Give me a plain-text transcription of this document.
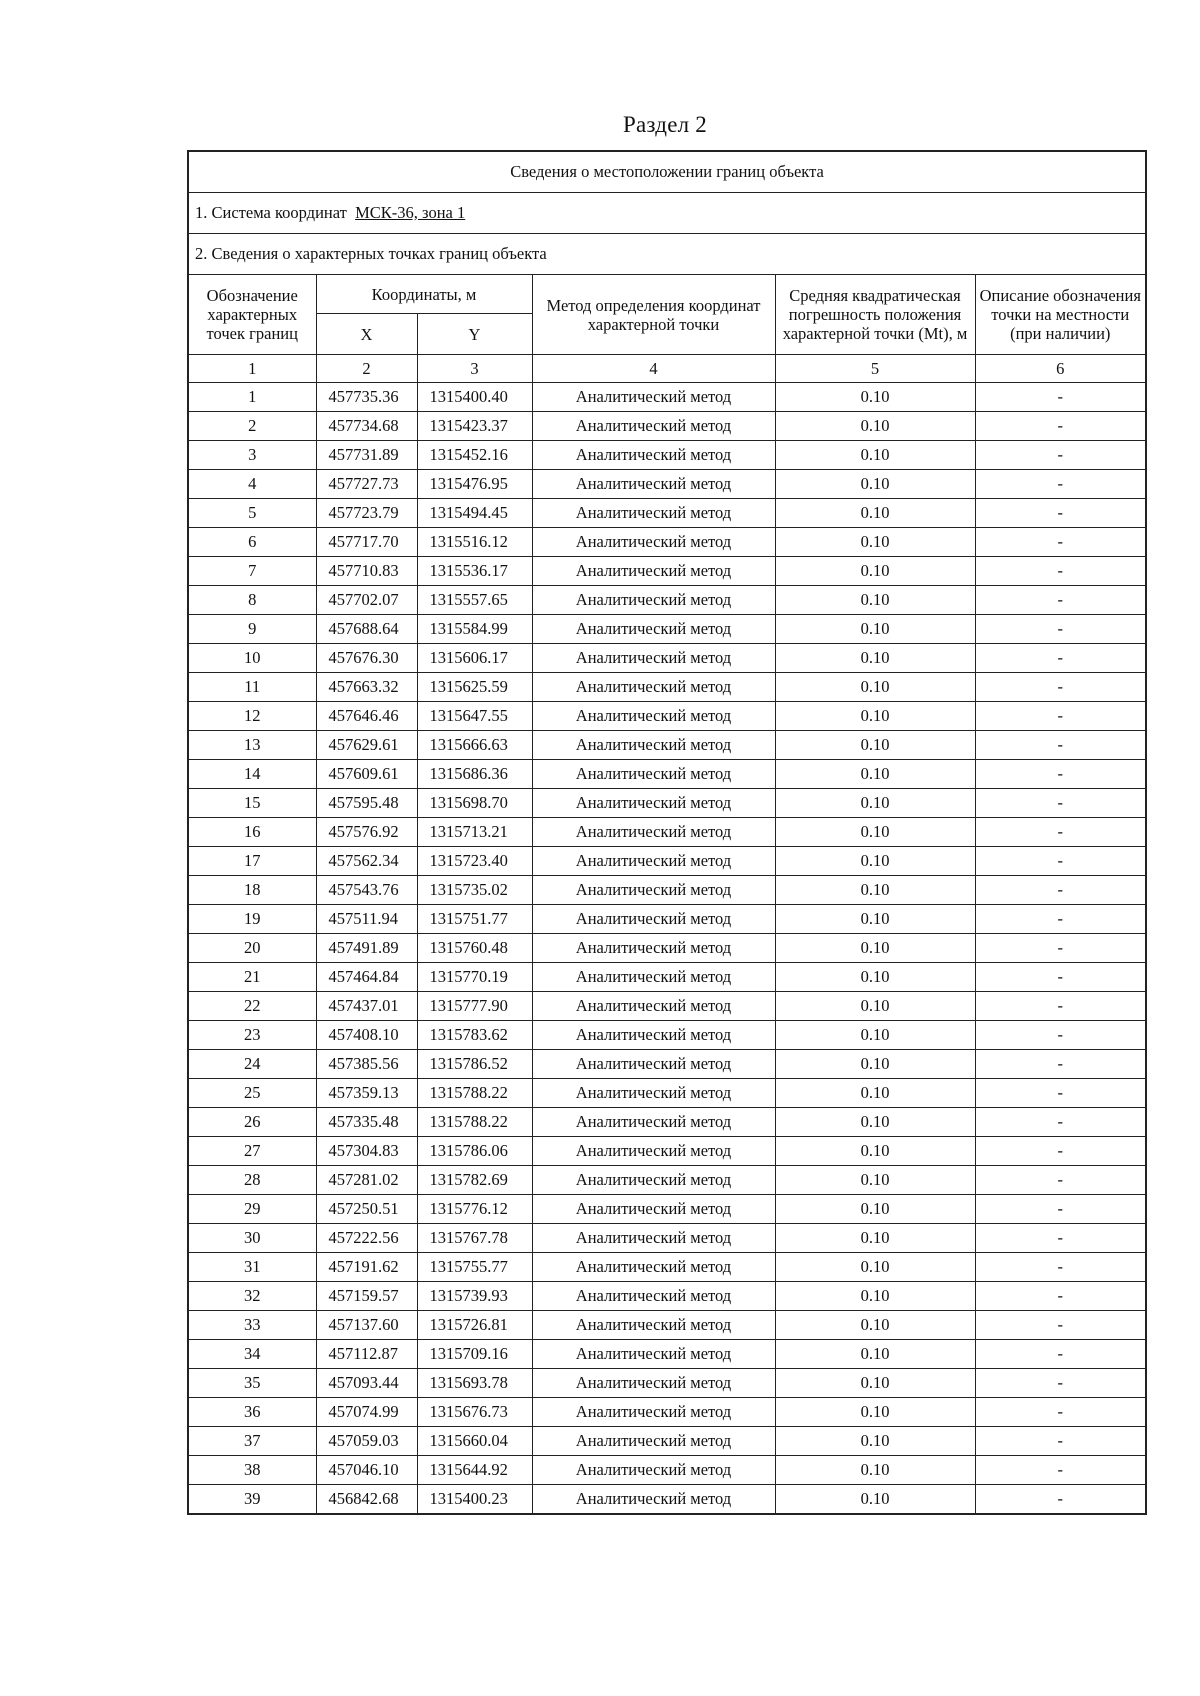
Раздел 2
Сведения о местоположении границ объекта					
1. Система координат МСК-36, зона 1					
2. Сведения о характерных точках границ объекта					
Обозначение характерных точек границ	Координаты, м		Метод определения координат характерной точки	Средняя квадратическая погрешность положения характерной точки (Mt), м	Описание обозначения точки на местности (при наличии)
	X	Y			
1	2	3	4	5	6
1	457735.36	1315400.40	Аналитический метод	0.10	-
2	457734.68	1315423.37	Аналитический метод	0.10	-
3	457731.89	1315452.16	Аналитический метод	0.10	-
4	457727.73	1315476.95	Аналитический метод	0.10	-
5	457723.79	1315494.45	Аналитический метод	0.10	-
6	457717.70	1315516.12	Аналитический метод	0.10	-
7	457710.83	1315536.17	Аналитический метод	0.10	-
8	457702.07	1315557.65	Аналитический метод	0.10	-
9	457688.64	1315584.99	Аналитический метод	0.10	-
10	457676.30	1315606.17	Аналитический метод	0.10	-
11	457663.32	1315625.59	Аналитический метод	0.10	-
12	457646.46	1315647.55	Аналитический метод	0.10	-
13	457629.61	1315666.63	Аналитический метод	0.10	-
14	457609.61	1315686.36	Аналитический метод	0.10	-
15	457595.48	1315698.70	Аналитический метод	0.10	-
16	457576.92	1315713.21	Аналитический метод	0.10	-
17	457562.34	1315723.40	Аналитический метод	0.10	-
18	457543.76	1315735.02	Аналитический метод	0.10	-
19	457511.94	1315751.77	Аналитический метод	0.10	-
20	457491.89	1315760.48	Аналитический метод	0.10	-
21	457464.84	1315770.19	Аналитический метод	0.10	-
22	457437.01	1315777.90	Аналитический метод	0.10	-
23	457408.10	1315783.62	Аналитический метод	0.10	-
24	457385.56	1315786.52	Аналитический метод	0.10	-
25	457359.13	1315788.22	Аналитический метод	0.10	-
26	457335.48	1315788.22	Аналитический метод	0.10	-
27	457304.83	1315786.06	Аналитический метод	0.10	-
28	457281.02	1315782.69	Аналитический метод	0.10	-
29	457250.51	1315776.12	Аналитический метод	0.10	-
30	457222.56	1315767.78	Аналитический метод	0.10	-
31	457191.62	1315755.77	Аналитический метод	0.10	-
32	457159.57	1315739.93	Аналитический метод	0.10	-
33	457137.60	1315726.81	Аналитический метод	0.10	-
34	457112.87	1315709.16	Аналитический метод	0.10	-
35	457093.44	1315693.78	Аналитический метод	0.10	-
36	457074.99	1315676.73	Аналитический метод	0.10	-
37	457059.03	1315660.04	Аналитический метод	0.10	-
38	457046.10	1315644.92	Аналитический метод	0.10	-
39	456842.68	1315400.23	Аналитический метод	0.10	-
